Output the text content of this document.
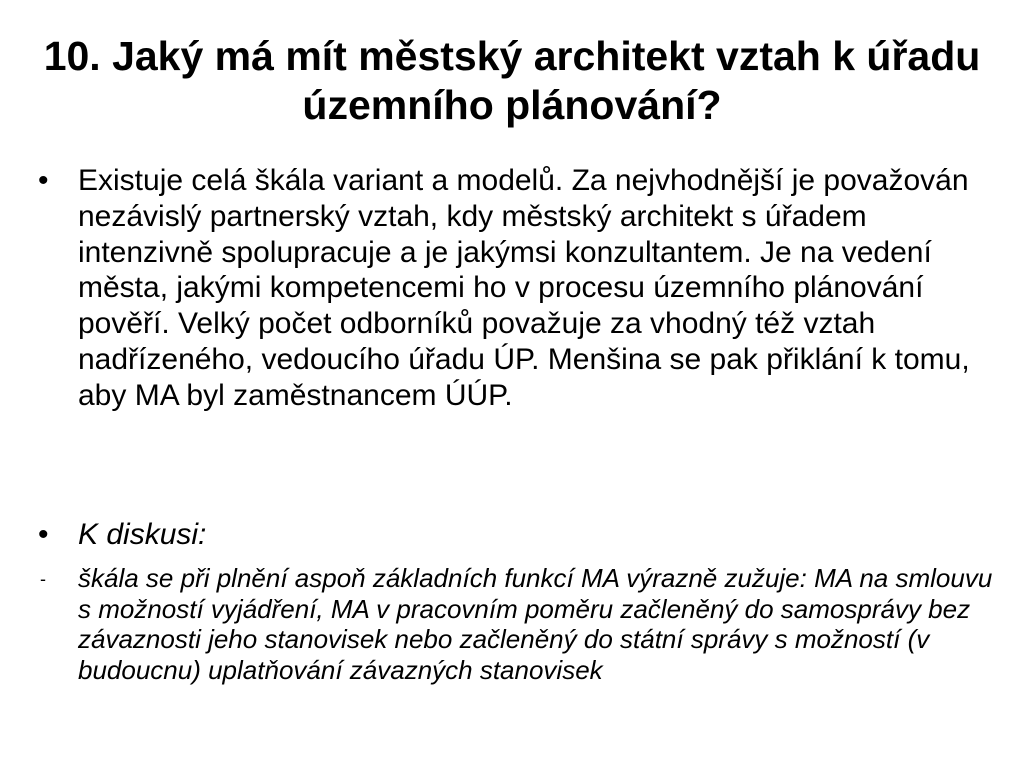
10. Jaký má mít městský architekt vztah k úřadu územního plánování?
• Existuje celá škála variant a modelů. Za nejvhodnější je považován nezávislý partnerský vztah, kdy městský architekt s úřadem intenzivně spolupracuje a je jakýmsi konzultantem. Je na vedení města, jakými kompetencemi ho v procesu územního plánování pověří. Velký počet odborníků považuje za vhodný též vztah nadřízeného, vedoucího úřadu ÚP. Menšina se pak přiklání k tomu, aby MA byl zaměstnancem ÚÚP.
• K diskusi:
- škála se při plnění aspoň základních funkcí MA výrazně zužuje: MA na smlouvu s možností vyjádření, MA v pracovním poměru začleněný do samosprávy bez závaznosti jeho stanovisek nebo začleněný do státní správy s možností (v budoucnu) uplatňování závazných stanovisek
